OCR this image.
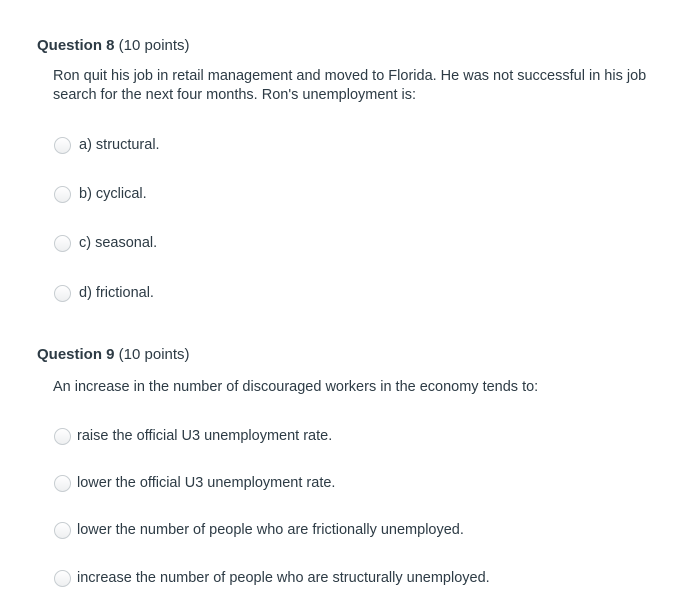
Question 8 (10 points)
Ron quit his job in retail management and moved to Florida. He was not successful in his job search for the next four months. Ron's unemployment is:
a) structural.
b) cyclical.
c) seasonal.
d) frictional.
Question 9 (10 points)
An increase in the number of discouraged workers in the economy tends to:
raise the official U3 unemployment rate.
lower the official U3 unemployment rate.
lower the number of people who are frictionally unemployed.
increase the number of people who are structurally unemployed.
